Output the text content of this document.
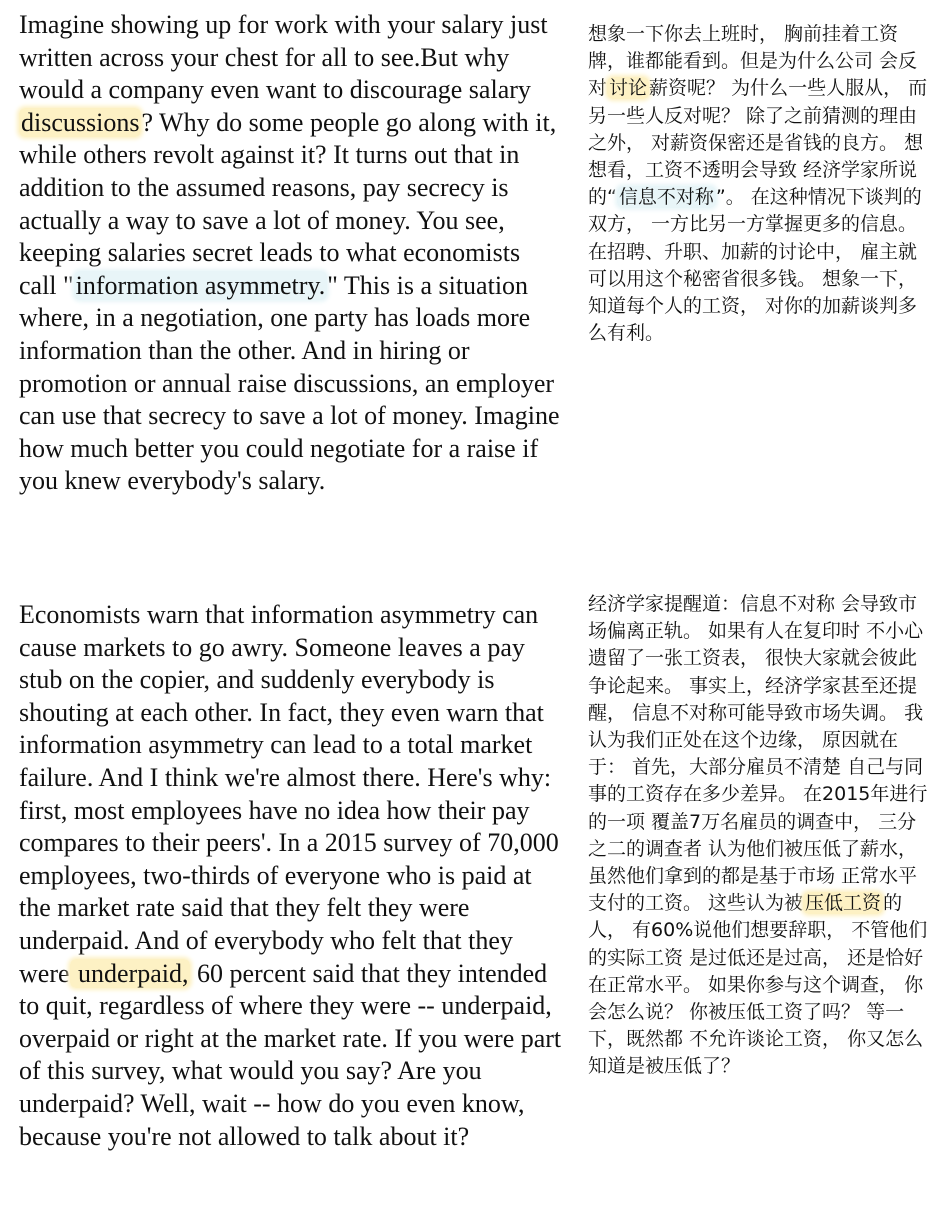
Imagine showing up for work with your salary just written across your chest for all to see.But why would a company even want to discourage salary discussions? Why do some people go along with it, while others revolt against it? It turns out that in addition to the assumed reasons, pay secrecy is actually a way to save a lot of money. You see, keeping salaries secret leads to what economists call "information asymmetry." This is a situation where, in a negotiation, one party has loads more information than the other. And in hiring or promotion or annual raise discussions, an employer can use that secrecy to save a lot of money. Imagine how much better you could negotiate for a raise if you knew everybody's salary.

Economists warn that information asymmetry can cause markets to go awry. Someone leaves a pay stub on the copier, and suddenly everybody is shouting at each other. In fact, they even warn that information asymmetry can lead to a total market failure. And I think we're almost there. Here's why: first, most employees have no idea how their pay compares to their peers'. In a 2015 survey of 70,000 employees, two-thirds of everyone who is paid at the market rate said that they felt they were underpaid. And of everybody who felt that they were underpaid, 60 percent said that they intended to quit, regardless of where they were -- underpaid, overpaid or right at the market rate. If you were part of this survey, what would you say? Are you underpaid? Well, wait -- how do you even know, because you're not allowed to talk about it?

想象一下你去上班时， 胸前挂着工资牌，谁都能看到。但是为什么公司 会反对 讨论 薪资呢？ 为什么一些人服从， 而另一些人反对呢？ 除了之前猜测的理由之外， 对薪资保密还是省钱的良方。 想想看，工资不透明会导致 经济学家所说的“ 信息不对称 ”。 在这种情况下谈判的双方， 一方比另一方掌握更多的信息。 在招聘、升职、加薪的讨论中， 雇主就可以用这个秘密省很多钱。 想象一下，知道每个人的工资， 对你的加薪谈判多么有利。

经济学家提醒道：信息不对称 会导致市场偏离正轨。 如果有人在复印时 不小心遗留了一张工资表， 很快大家就会彼此争论起来。 事实上，经济学家甚至还提醒， 信息不对称可能导致市场失调。 我认为我们正处在这个边缘， 原因就在于： 首先，大部分雇员不清楚 自己与同事的工资存在多少差异。 在2015年进行的一项 覆盖7万名雇员的调查中， 三分之二的调查者 认为他们被压低了薪水， 虽然他们拿到的都是基于市场 正常水平支付的工资。 这些认为被 压低工资 的人， 有60%说他们想要辞职， 不管他们的实际工资 是过低还是过高， 还是恰好在正常水平。 如果你参与这个调查， 你会怎么说？ 你被压低工资了吗？ 等一下，既然都 不允许谈论工资， 你又怎么知道是被压低了？
